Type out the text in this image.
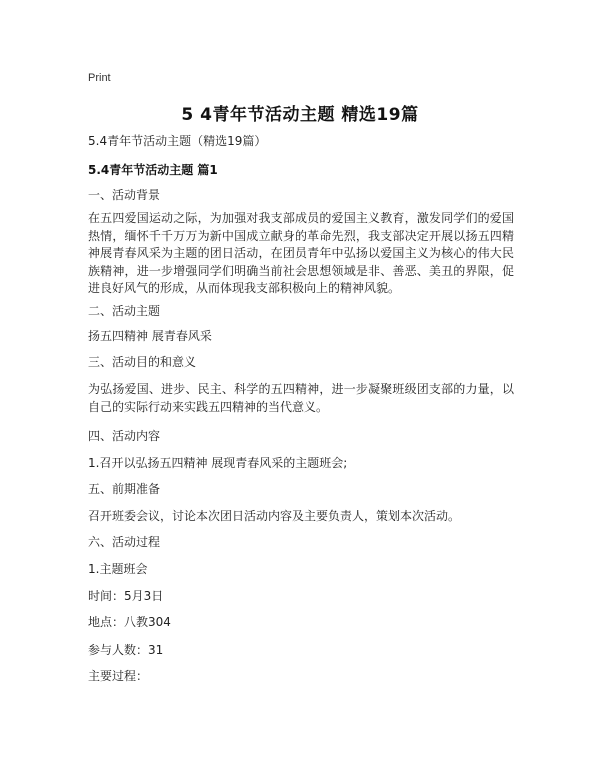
Print
5 4青年节活动主题 精选19篇
5.4青年节活动主题（精选19篇）
5.4青年节活动主题 篇1
一、活动背景
在五四爱国运动之际，为加强对我支部成员的爱国主义教育，激发同学们的爱国热情，缅怀千千万万为新中国成立献身的革命先烈，我支部决定开展以扬五四精神展青春风采为主题的团日活动，在团员青年中弘扬以爱国主义为核心的伟大民族精神，进一步增强同学们明确当前社会思想领域是非、善恶、美丑的界限，促进良好风气的形成，从而体现我支部积极向上的精神风貌。
二、活动主题
扬五四精神 展青春风采
三、活动目的和意义
为弘扬爱国、进步、民主、科学的五四精神，进一步凝聚班级团支部的力量，以自己的实际行动来实践五四精神的当代意义。
四、活动内容
1.召开以弘扬五四精神 展现青春风采的主题班会;
五、前期准备
召开班委会议，讨论本次团日活动内容及主要负责人，策划本次活动。
六、活动过程
1.主题班会
时间：5月3日
地点：八教304
参与人数：31
主要过程：
